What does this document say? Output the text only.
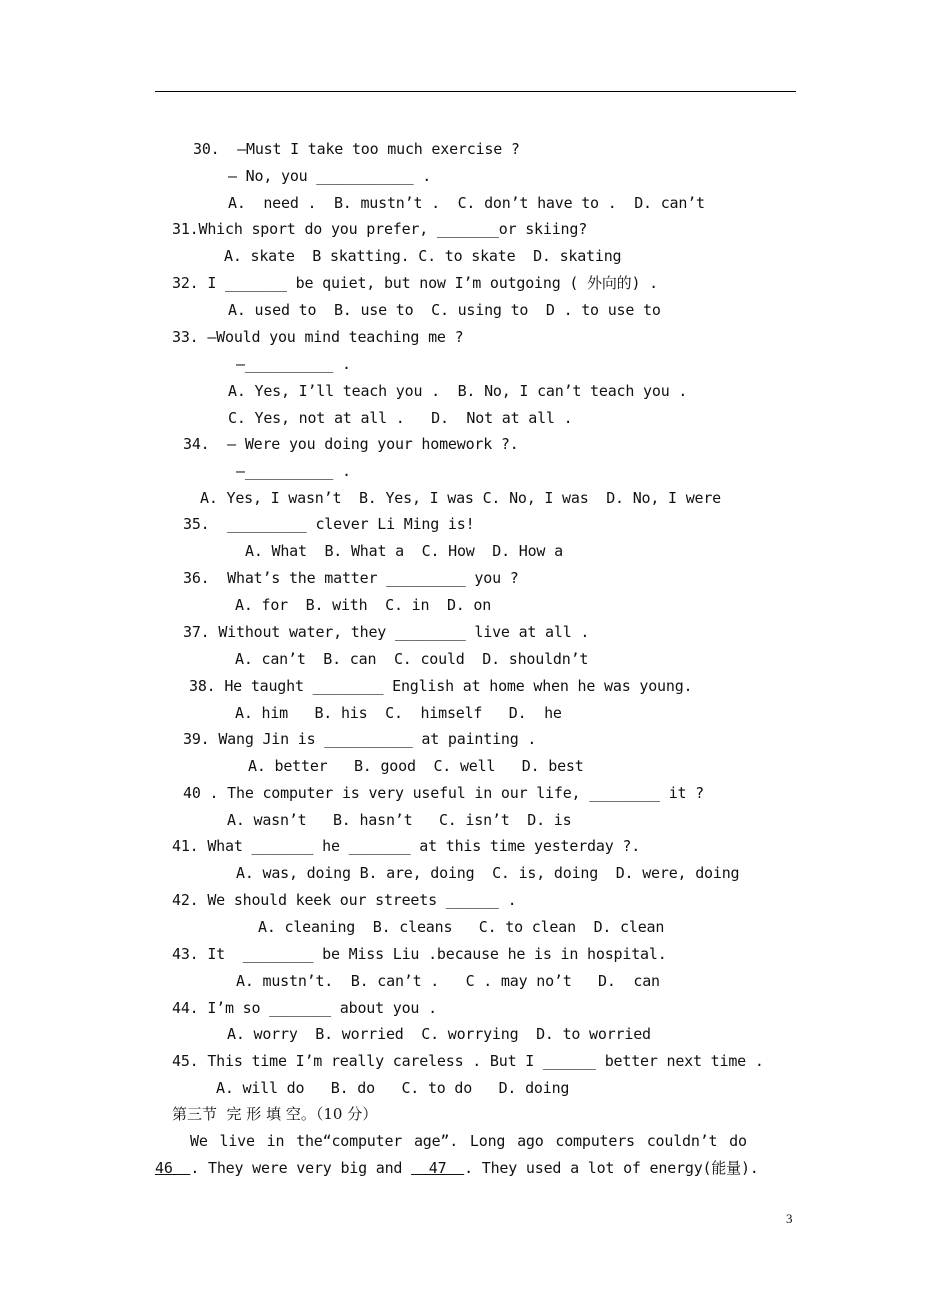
30.  —Must I take too much exercise ?
— No, you ___________ .
A.  need .  B. mustn’t .  C. don’t have to .  D. can’t
31.Which sport do you prefer, _______or skiing?
A. skate  B skatting. C. to skate  D. skating
32. I _______ be quiet, but now I’m outgoing ( 外向的) .
A. used to  B. use to  C. using to  D . to use to
33. —Would you mind teaching me ?
—__________ .
A. Yes, I’ll teach you .  B. No, I can’t teach you .
C. Yes, not at all .   D.  Not at all .
34.  — Were you doing your homework ?.
—__________ .
A. Yes, I wasn’t  B. Yes, I was C. No, I was  D. No, I were
35.  _________ clever Li Ming is!
A. What  B. What a  C. How  D. How a
36.  What’s the matter _________ you ?
A. for  B. with  C. in  D. on
37. Without water, they ________ live at all .
A. can’t  B. can  C. could  D. shouldn’t
38. He taught ________ English at home when he was young.
A. him   B. his  C.  himself   D.  he
39. Wang Jin is __________ at painting .
A. better   B. good  C. well   D. best
40 . The computer is very useful in our life, ________ it ?
A. wasn’t   B. hasn’t   C. isn’t  D. is
41. What _______ he _______ at this time yesterday ?.
A. was, doing B. are, doing  C. is, doing  D. were, doing
42. We should keek our streets ______ .
A. cleaning  B. cleans   C. to clean  D. clean
43. It  ________ be Miss Liu .because he is in hospital.
A. mustn’t.  B. can’t .   C . may no’t   D.  can
44. I’m so _______ about you .
A. worry  B. worried  C. worrying  D. to worried
45. This time I’m really careless . But I ______ better next time .
A. will do   B. do   C. to do   D. doing
第三节  完 形 填 空。（10 分）
We live in the“computer age”. Long ago computers couldn’t do
46  . They were very big and   47  . They used a lot of energy(能量).
3
